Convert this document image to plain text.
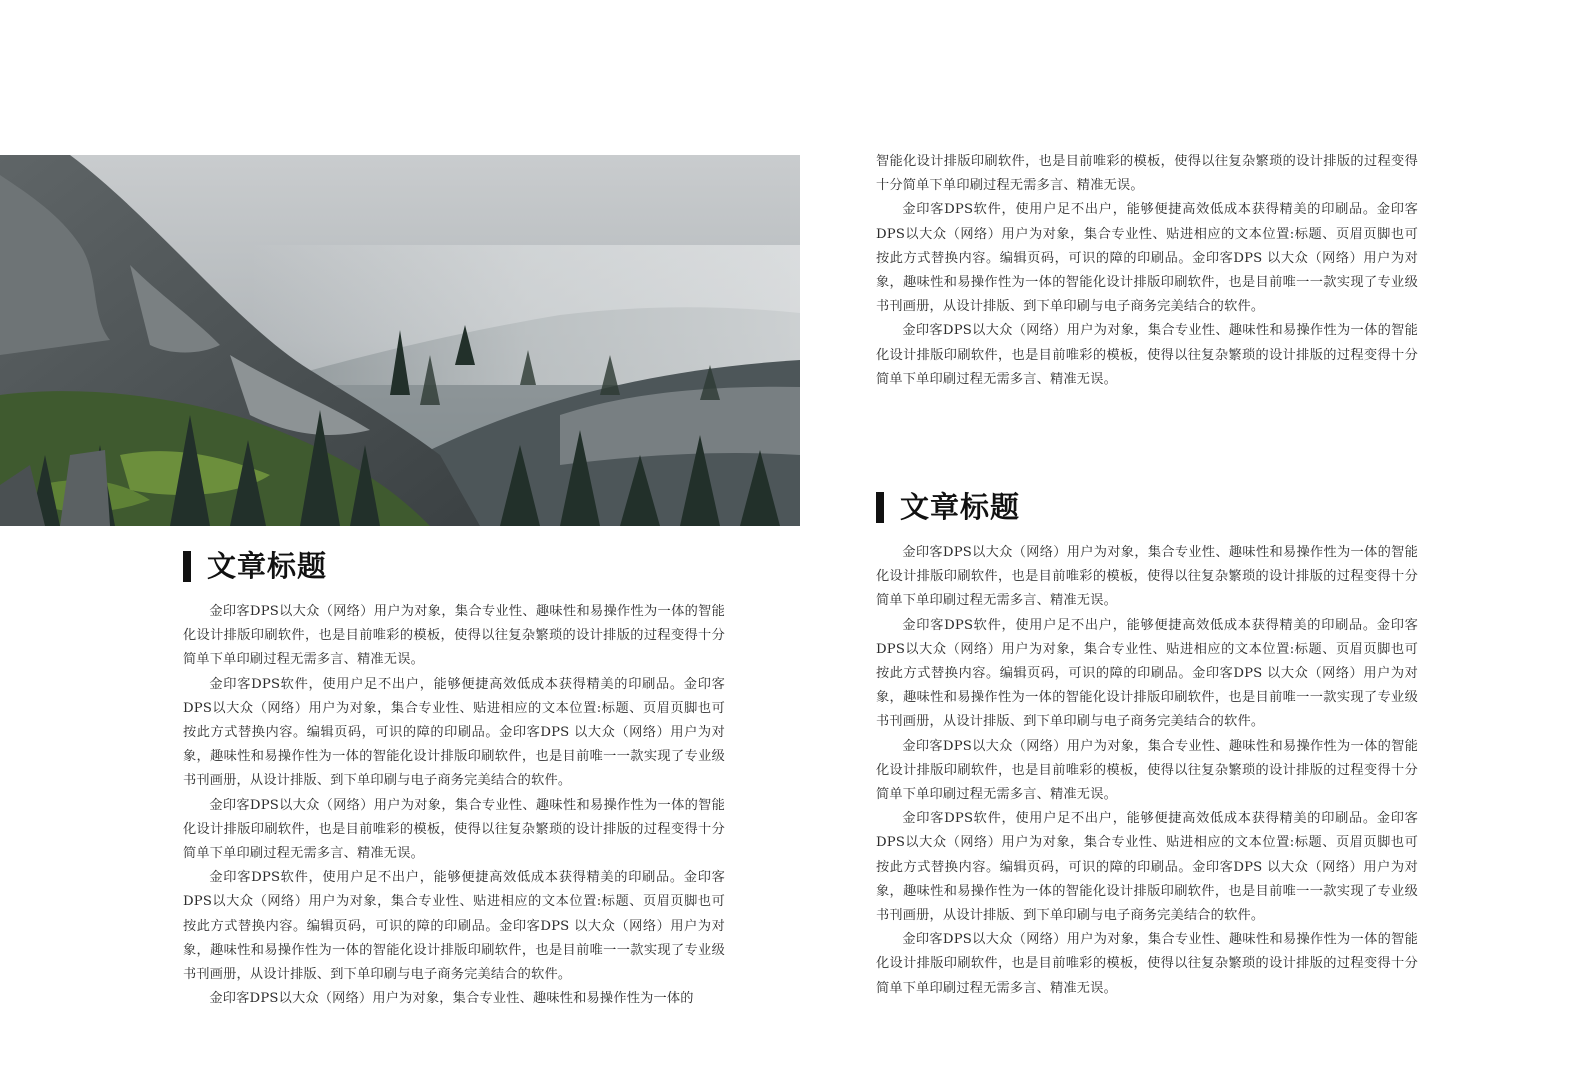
文章标题

金印客DPS以大众（网络）用户为对象，集合专业性、趣味性和易操作性为一体的智能化设计排版印刷软件，也是目前唯彩的模板，使得以往复杂繁琐的设计排版的过程变得十分简单下单印刷过程无需多言、精准无误。

金印客DPS软件，使用户足不出户，能够便捷高效低成本获得精美的印刷品。金印客DPS以大众（网络）用户为对象，集合专业性、贴进相应的文本位置:标题、页眉页脚也可按此方式替换内容。编辑页码，可识的障的印刷品。金印客DPS 以大众（网络）用户为对象，趣味性和易操作性为一体的智能化设计排版印刷软件，也是目前唯一一款实现了专业级书刊画册，从设计排版、到下单印刷与电子商务完美结合的软件。

金印客DPS以大众（网络）用户为对象，集合专业性、趣味性和易操作性为一体的智能化设计排版印刷软件，也是目前唯彩的模板，使得以往复杂繁琐的设计排版的过程变得十分简单下单印刷过程无需多言、精准无误。

金印客DPS软件，使用户足不出户，能够便捷高效低成本获得精美的印刷品。金印客DPS以大众（网络）用户为对象，集合专业性、贴进相应的文本位置:标题、页眉页脚也可按此方式替换内容。编辑页码，可识的障的印刷品。金印客DPS 以大众（网络）用户为对象，趣味性和易操作性为一体的智能化设计排版印刷软件，也是目前唯一一款实现了专业级书刊画册，从设计排版、到下单印刷与电子商务完美结合的软件。

金印客DPS以大众（网络）用户为对象，集合专业性、趣味性和易操作性为一体的

智能化设计排版印刷软件，也是目前唯彩的模板，使得以往复杂繁琐的设计排版的过程变得十分简单下单印刷过程无需多言、精准无误。

金印客DPS软件，使用户足不出户，能够便捷高效低成本获得精美的印刷品。金印客DPS以大众（网络）用户为对象，集合专业性、贴进相应的文本位置:标题、页眉页脚也可按此方式替换内容。编辑页码，可识的障的印刷品。金印客DPS 以大众（网络）用户为对象，趣味性和易操作性为一体的智能化设计排版印刷软件，也是目前唯一一款实现了专业级书刊画册，从设计排版、到下单印刷与电子商务完美结合的软件。

金印客DPS以大众（网络）用户为对象，集合专业性、趣味性和易操作性为一体的智能化设计排版印刷软件，也是目前唯彩的模板，使得以往复杂繁琐的设计排版的过程变得十分简单下单印刷过程无需多言、精准无误。

文章标题

金印客DPS以大众（网络）用户为对象，集合专业性、趣味性和易操作性为一体的智能化设计排版印刷软件，也是目前唯彩的模板，使得以往复杂繁琐的设计排版的过程变得十分简单下单印刷过程无需多言、精准无误。

金印客DPS软件，使用户足不出户，能够便捷高效低成本获得精美的印刷品。金印客DPS以大众（网络）用户为对象，集合专业性、贴进相应的文本位置:标题、页眉页脚也可按此方式替换内容。编辑页码，可识的障的印刷品。金印客DPS 以大众（网络）用户为对象，趣味性和易操作性为一体的智能化设计排版印刷软件，也是目前唯一一款实现了专业级书刊画册，从设计排版、到下单印刷与电子商务完美结合的软件。

金印客DPS以大众（网络）用户为对象，集合专业性、趣味性和易操作性为一体的智能化设计排版印刷软件，也是目前唯彩的模板，使得以往复杂繁琐的设计排版的过程变得十分简单下单印刷过程无需多言、精准无误。

金印客DPS软件，使用户足不出户，能够便捷高效低成本获得精美的印刷品。金印客DPS以大众（网络）用户为对象，集合专业性、贴进相应的文本位置:标题、页眉页脚也可按此方式替换内容。编辑页码，可识的障的印刷品。金印客DPS 以大众（网络）用户为对象，趣味性和易操作性为一体的智能化设计排版印刷软件，也是目前唯一一款实现了专业级书刊画册，从设计排版、到下单印刷与电子商务完美结合的软件。

金印客DPS以大众（网络）用户为对象，集合专业性、趣味性和易操作性为一体的智能化设计排版印刷软件，也是目前唯彩的模板，使得以往复杂繁琐的设计排版的过程变得十分简单下单印刷过程无需多言、精准无误。
